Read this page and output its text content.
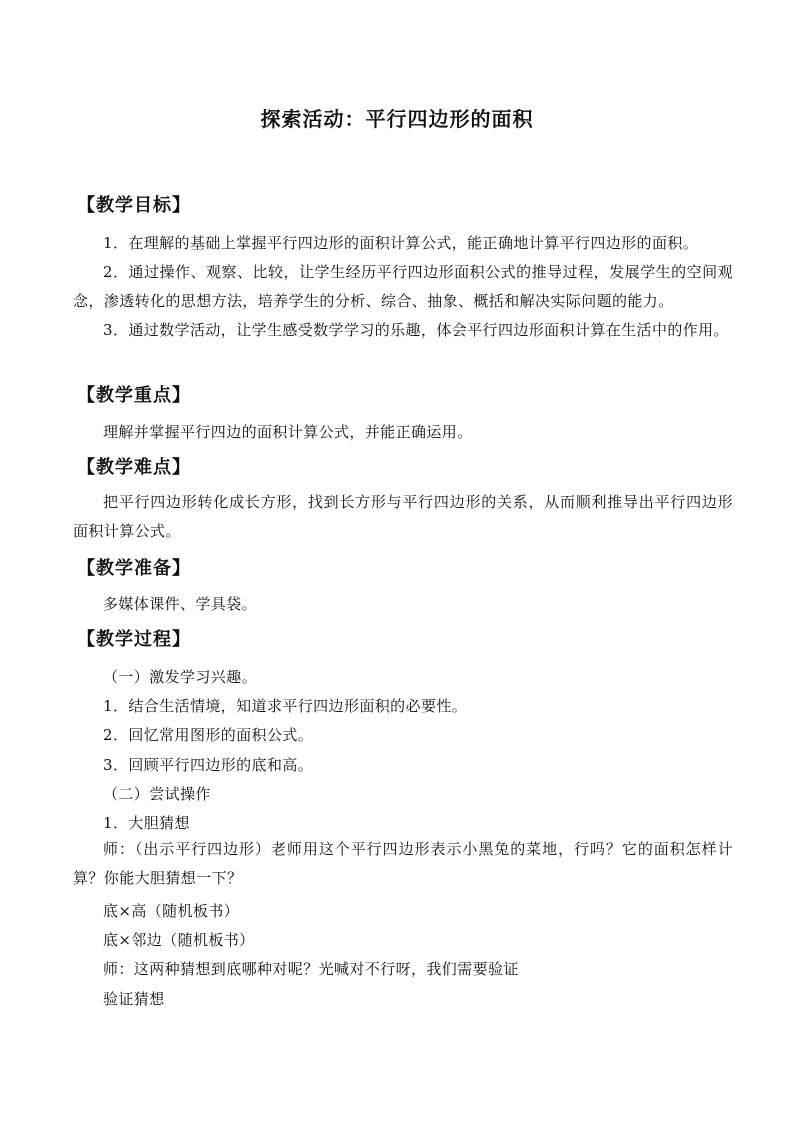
探索活动：平行四边形的面积
【教学目标】
1．在理解的基础上掌握平行四边形的面积计算公式，能正确地计算平行四边形的面积。
2．通过操作、观察、比较，让学生经历平行四边形面积公式的推导过程，发展学生的空间观念，渗透转化的思想方法，培养学生的分析、综合、抽象、概括和解决实际问题的能力。
3．通过数学活动，让学生感受数学学习的乐趣，体会平行四边形面积计算在生活中的作用。
【教学重点】
理解并掌握平行四边的面积计算公式，并能正确运用。
【教学难点】
把平行四边形转化成长方形，找到长方形与平行四边形的关系，从而顺利推导出平行四边形面积计算公式。
【教学准备】
多媒体课件、学具袋。
【教学过程】
（一）激发学习兴趣。
1．结合生活情境，知道求平行四边形面积的必要性。
2．回忆常用图形的面积公式。
3．回顾平行四边形的底和高。
（二）尝试操作
1．大胆猜想
师：（出示平行四边形）老师用这个平行四边形表示小黑兔的菜地，行吗？它的面积怎样计算？你能大胆猜想一下？
底×高（随机板书）
底×邻边（随机板书）
师：这两种猜想到底哪种对呢？光喊对不行呀，我们需要验证
验证猜想
